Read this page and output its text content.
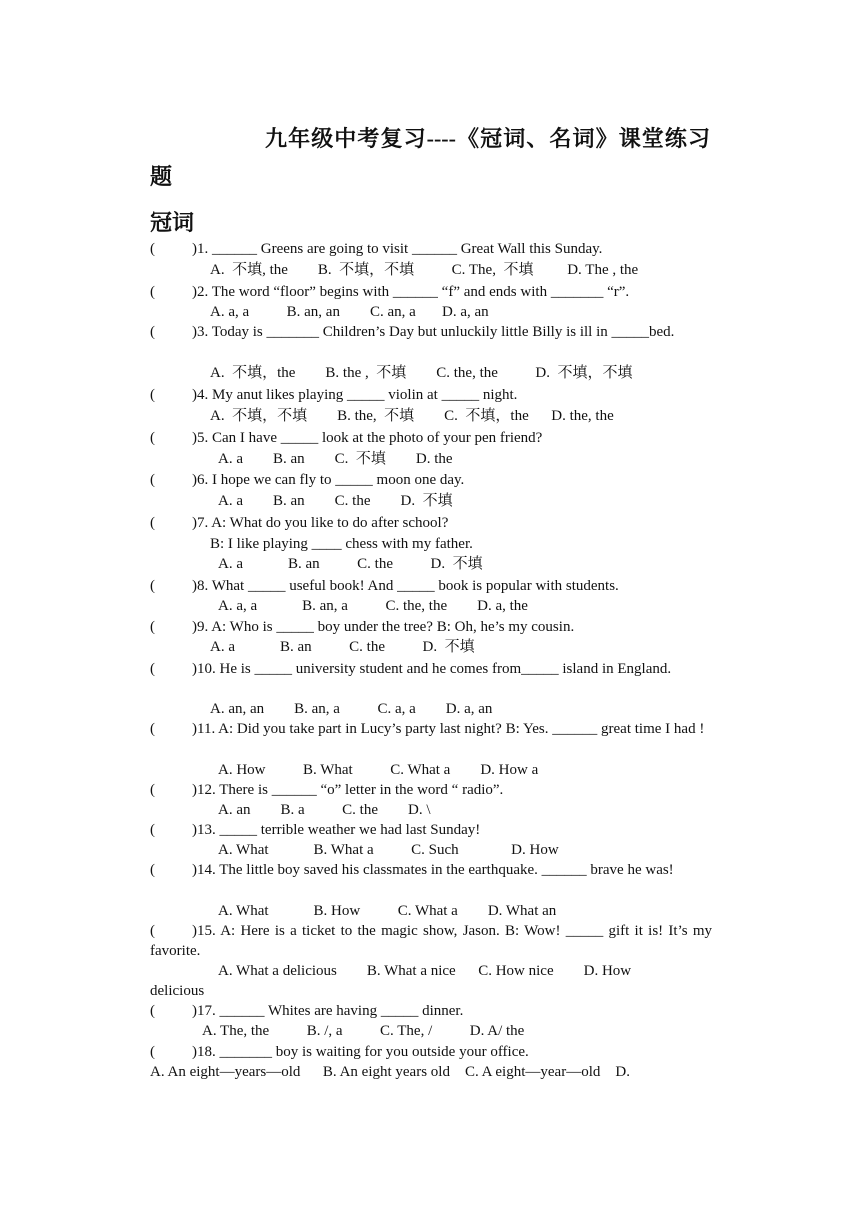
九年级中考复习----《冠词、名词》课堂练习题
冠词
( )1. ______ Greens are going to visit ______ Great Wall this Sunday.
A.  不填, the        B.  不填，不填          C. The,  不填         D. The , the
( )2. The word “floor” begins with ______ “f” and ends with _______ “r”.
A. a, a          B. an, an        C. an, a       D. a, an
( )3. Today is _______ Children’s Day but unluckily little Billy is ill in _____bed.
A.  不填，the        B. the ,  不填        C. the, the          D.  不填，不填
( )4. My anut likes playing _____ violin at _____ night.
A.  不填，不填        B. the,  不填        C.  不填，the      D. the, the
( )5. Can I have _____ look at the photo of your pen friend?
A. a        B. an        C.  不填        D. the
( )6. I hope we can fly to _____ moon one day.
A. a        B. an        C. the        D.  不填
( )7. A: What do you like to do after school?
B: I like playing ____ chess with my father.
A. a            B. an          C. the          D.  不填
( )8. What _____ useful book! And _____ book is popular with students.
A. a, a            B. an, a          C. the, the        D. a, the
( )9. A: Who is _____ boy under the tree? B: Oh, he’s my cousin.
A. a            B. an          C. the          D.  不填
( )10. He is _____ university student and he comes from_____ island in England.
A. an, an        B. an, a          C. a, a        D. a, an
( )11. A: Did you take part in Lucy’s party last night? B: Yes. ______ great time I had !
A. How          B. What          C. What a        D. How a
( )12. There is ______ “o” letter in the word “ radio”.
A. an        B. a          C. the        D. \
( )13. _____ terrible weather we had last Sunday!
A. What            B. What a          C. Such              D. How
( )14. The little boy saved his classmates in the earthquake. ______ brave he was!
A. What            B. How          C. What a        D. What an
( )15. A: Here is a ticket to the magic show, Jason. B: Wow! _____ gift it is! It’s my favorite.
A. What a delicious        B. What a nice      C. How nice        D. How
delicious
( )17. ______ Whites are having _____ dinner.
A. The, the          B. /, a          C. The, /          D. A/ the
( )18. _______ boy is waiting for you outside your office.
A. An eight—years—old      B. An eight years old    C. A eight—year—old    D.
